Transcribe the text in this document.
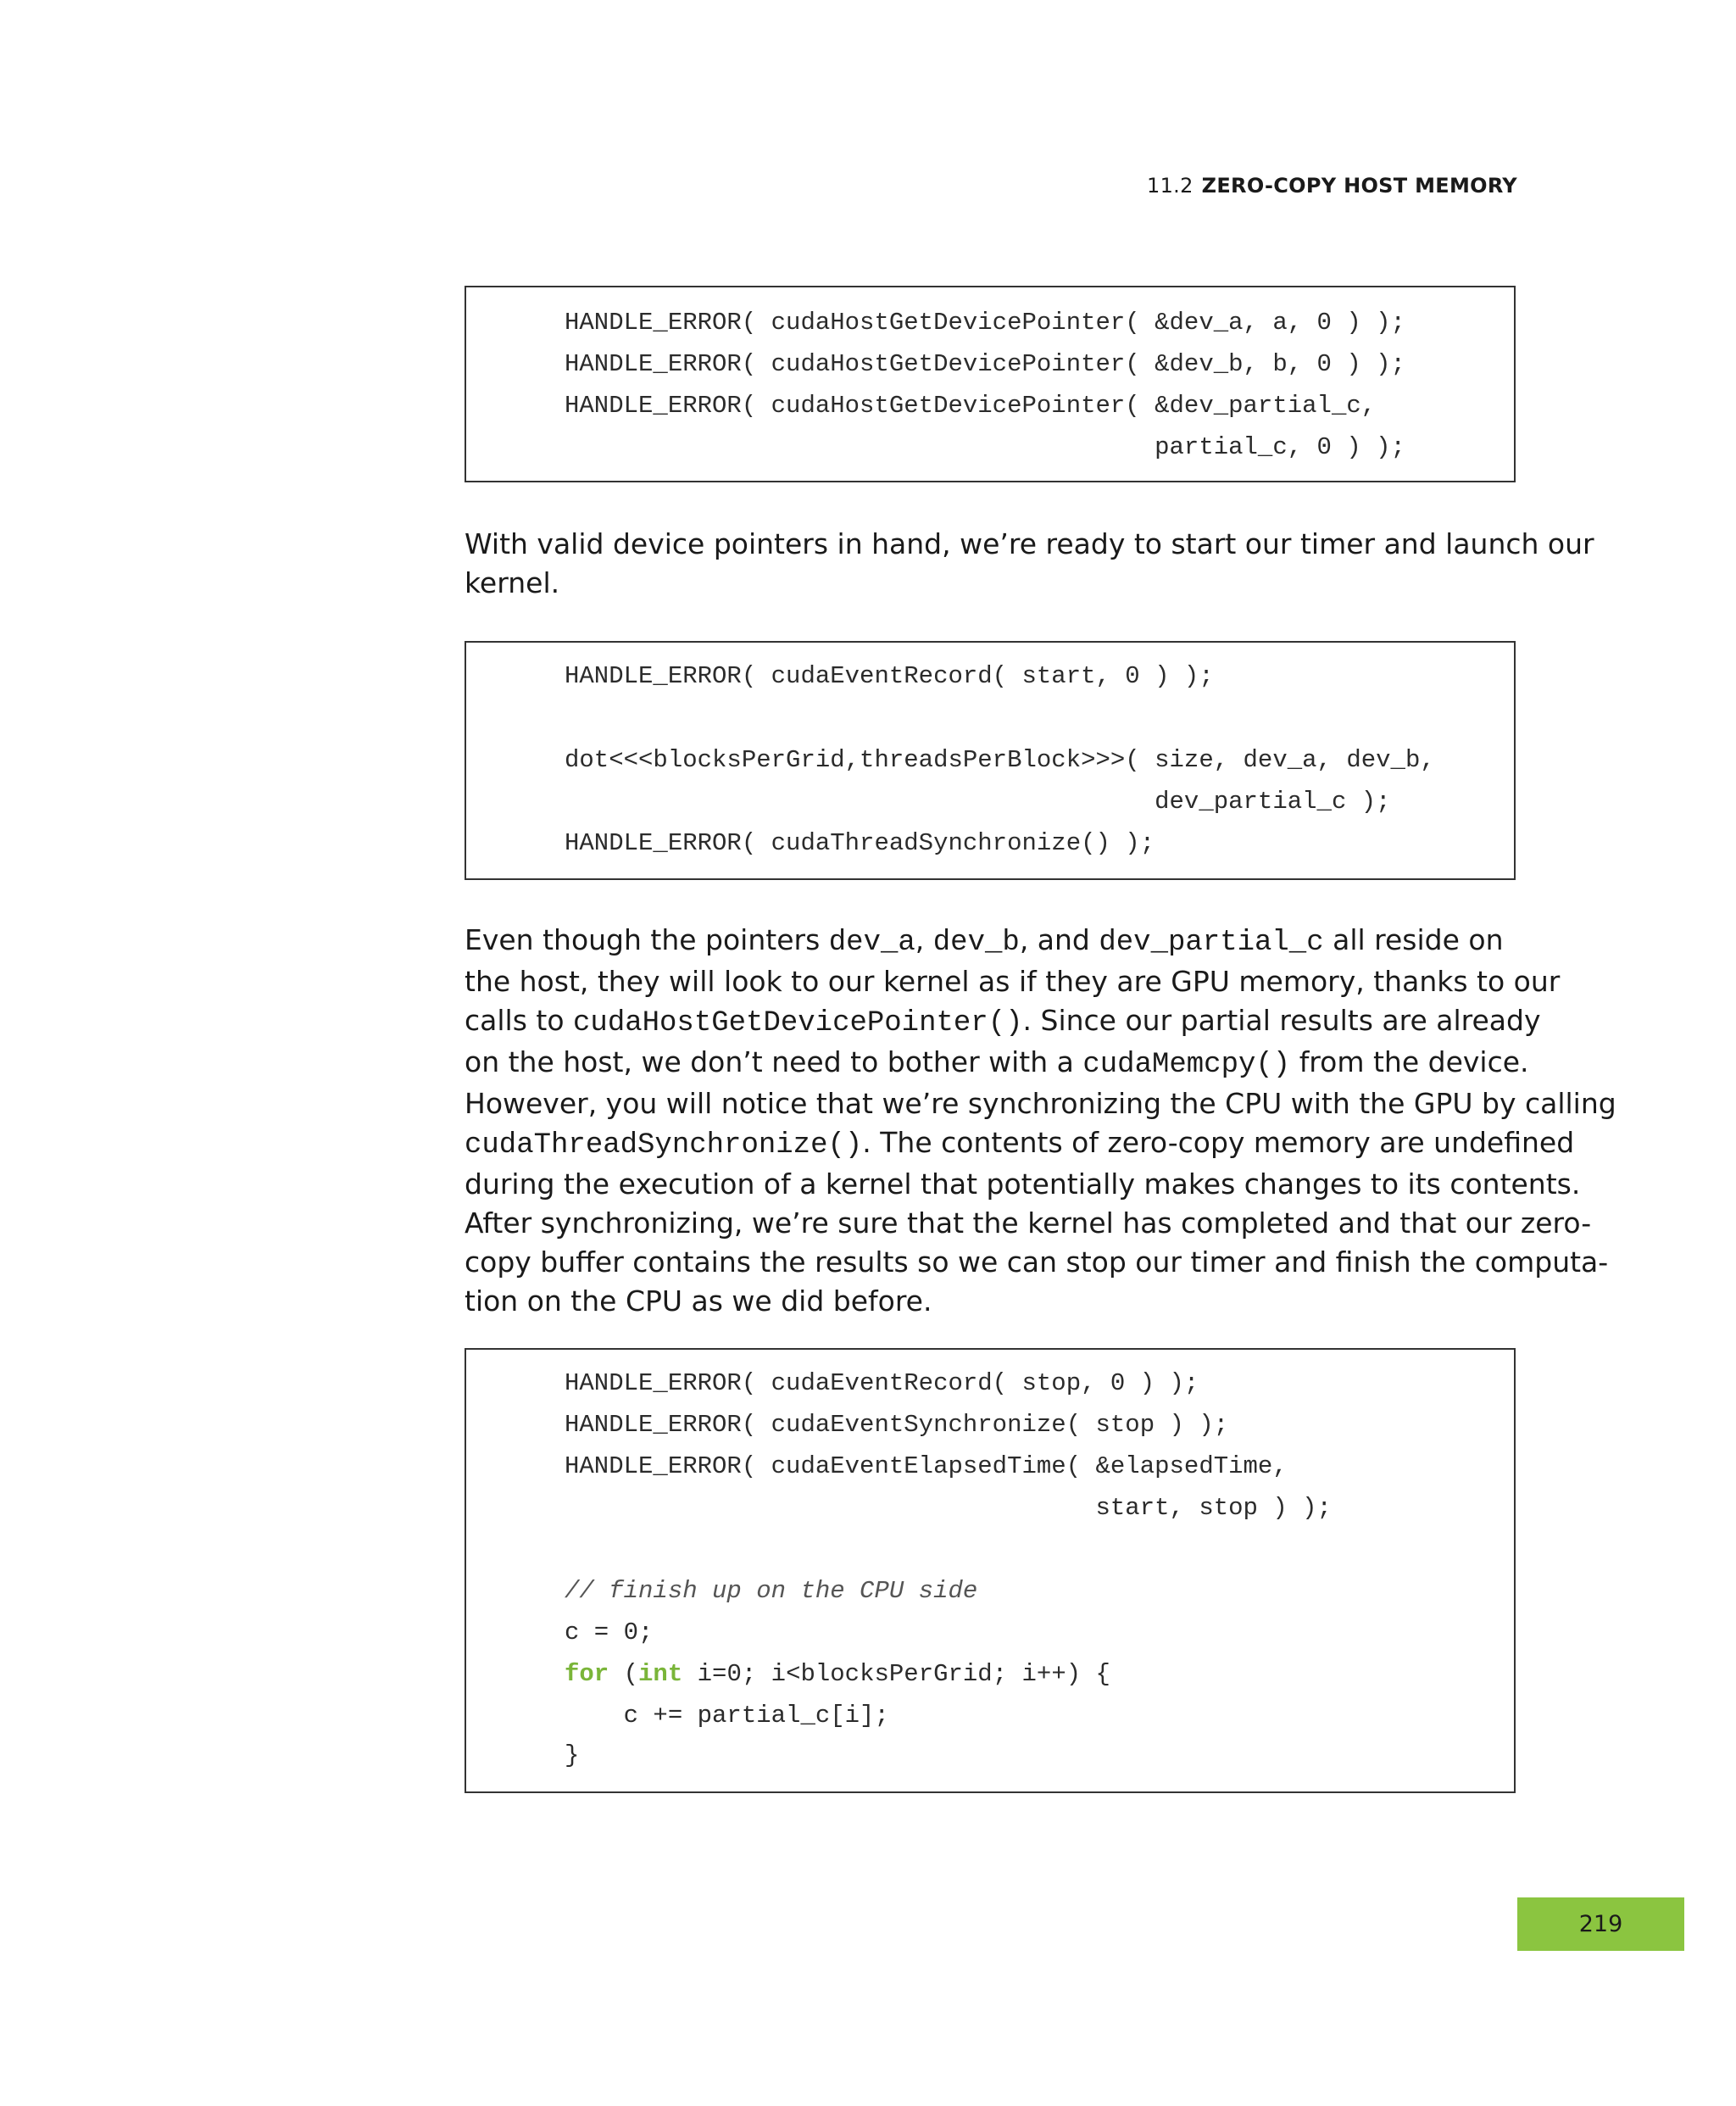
11.2 ZERO-COPY HOST MEMORY
HANDLE_ERROR( cudaHostGetDevicePointer( &dev_a, a, 0 ) );
HANDLE_ERROR( cudaHostGetDevicePointer( &dev_b, b, 0 ) );
HANDLE_ERROR( cudaHostGetDevicePointer( &dev_partial_c,
partial_c, 0 ) );

With valid device pointers in hand, we’re ready to start our timer and launch our
kernel.

HANDLE_ERROR( cudaEventRecord( start, 0 ) );
dot<<<blocksPerGrid,threadsPerBlock>>>( size, dev_a, dev_b,
dev_partial_c );
HANDLE_ERROR( cudaThreadSynchronize() );

Even though the pointers dev_a, dev_b, and dev_partial_c all reside on
the host, they will look to our kernel as if they are GPU memory, thanks to our
calls to cudaHostGetDevicePointer(). Since our partial results are already
on the host, we don’t need to bother with a cudaMemcpy() from the device.
However, you will notice that we’re synchronizing the CPU with the GPU by calling
cudaThreadSynchronize(). The contents of zero-copy memory are undefined
during the execution of a kernel that potentially makes changes to its contents.
After synchronizing, we’re sure that the kernel has completed and that our zero-
copy buffer contains the results so we can stop our timer and finish the computa-
tion on the CPU as we did before.

HANDLE_ERROR( cudaEventRecord( stop, 0 ) );
HANDLE_ERROR( cudaEventSynchronize( stop ) );
HANDLE_ERROR( cudaEventElapsedTime( &elapsedTime,
start, stop ) );
// finish up on the CPU side
c = 0;
for (int i=0; i<blocksPerGrid; i++) {
c += partial_c[i];
}
219
